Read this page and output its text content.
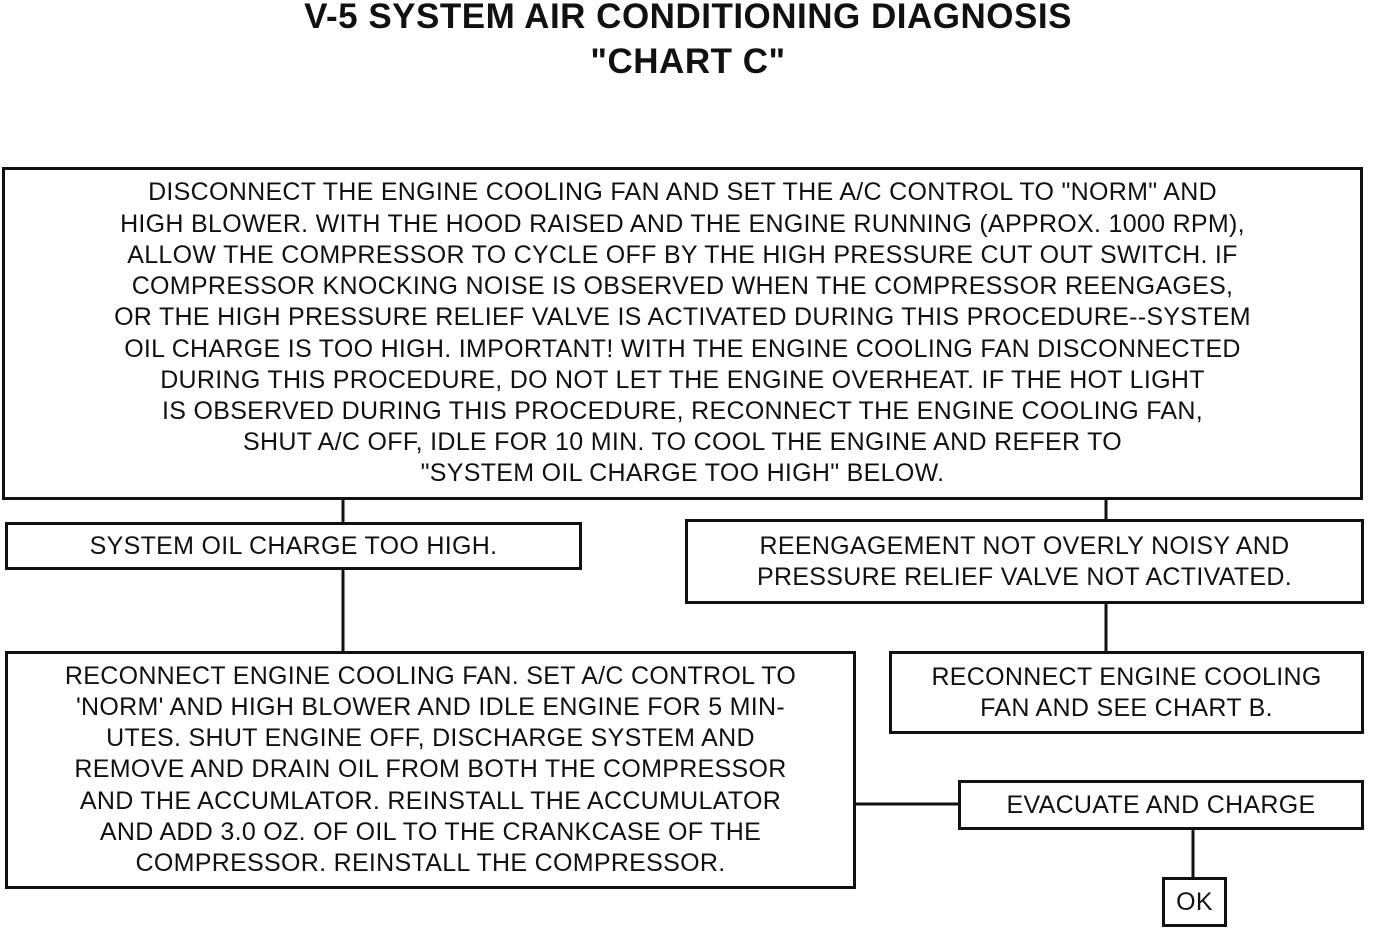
V-5 SYSTEM AIR CONDITIONING DIAGNOSIS
"CHART C"
DISCONNECT THE ENGINE COOLING FAN AND SET THE A/C CONTROL TO "NORM" AND
HIGH BLOWER. WITH THE HOOD RAISED AND THE ENGINE RUNNING (APPROX. 1000 RPM),
ALLOW THE COMPRESSOR TO CYCLE OFF BY THE HIGH PRESSURE CUT OUT SWITCH. IF
COMPRESSOR KNOCKING NOISE IS OBSERVED WHEN THE COMPRESSOR REENGAGES,
OR THE HIGH PRESSURE RELIEF VALVE IS ACTIVATED DURING THIS PROCEDURE--SYSTEM
OIL CHARGE IS TOO HIGH. IMPORTANT! WITH THE ENGINE COOLING FAN DISCONNECTED
DURING THIS PROCEDURE, DO NOT LET THE ENGINE OVERHEAT. IF THE HOT LIGHT
IS OBSERVED DURING THIS PROCEDURE, RECONNECT THE ENGINE COOLING FAN,
SHUT A/C OFF, IDLE FOR 10 MIN. TO COOL THE ENGINE AND REFER TO
"SYSTEM OIL CHARGE TOO HIGH" BELOW.
SYSTEM OIL CHARGE TOO HIGH.	REENGAGEMENT NOT OVERLY NOISY AND
PRESSURE RELIEF VALVE NOT ACTIVATED.
RECONNECT ENGINE COOLING FAN. SET A/C CONTROL TO
'NORM' AND HIGH BLOWER AND IDLE ENGINE FOR 5 MIN-
UTES. SHUT ENGINE OFF, DISCHARGE SYSTEM AND
REMOVE AND DRAIN OIL FROM BOTH THE COMPRESSOR
AND THE ACCUMLATOR. REINSTALL THE ACCUMULATOR
AND ADD 3.0 OZ. OF OIL TO THE CRANKCASE OF THE
COMPRESSOR. REINSTALL THE COMPRESSOR.
RECONNECT ENGINE COOLING
FAN AND SEE CHART B.
EVACUATE AND CHARGE
OK
